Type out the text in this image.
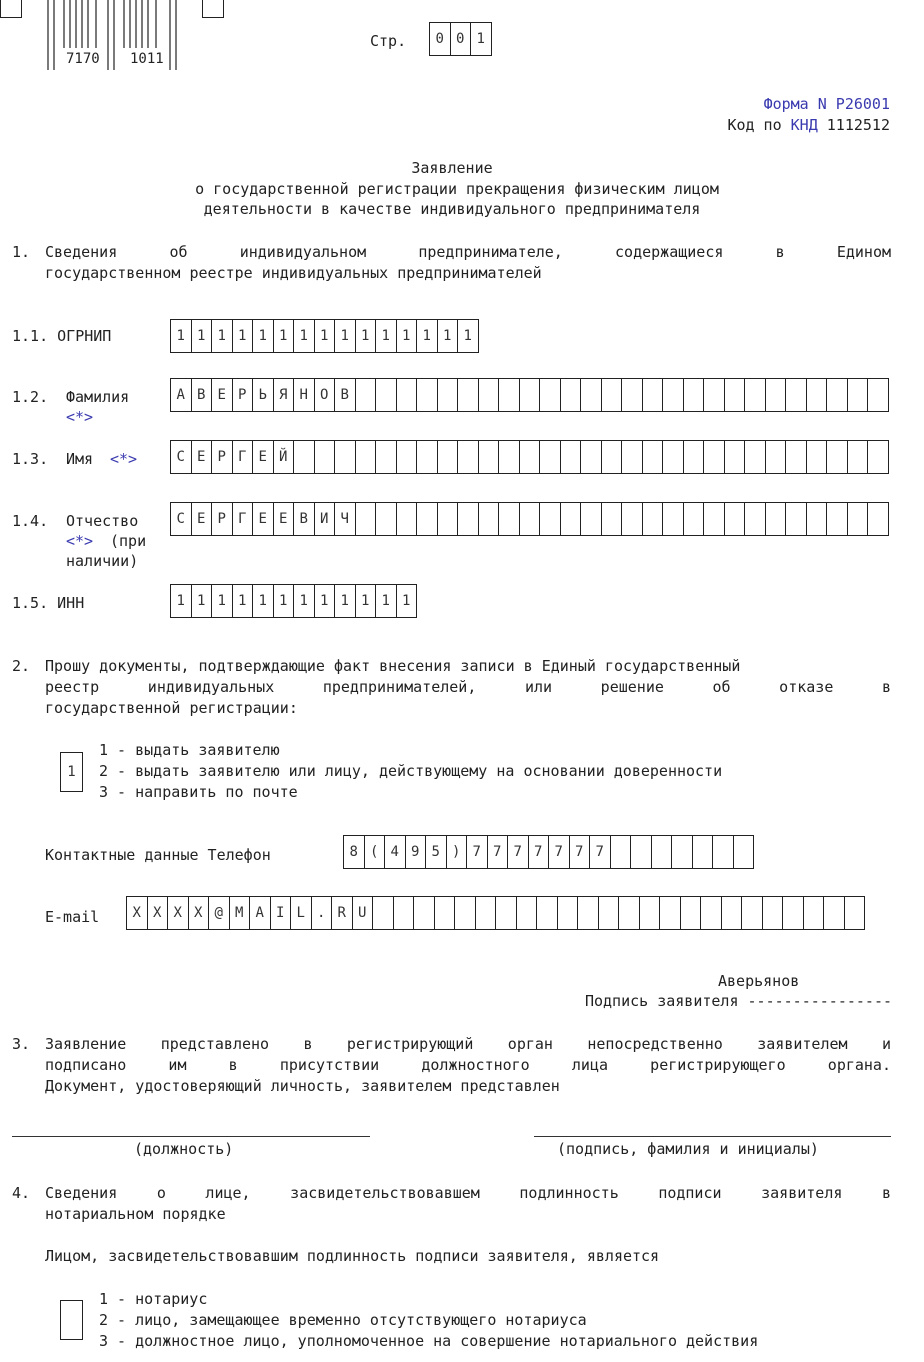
7170 1011
Стр.	0 0 1
Форма N Р26001
Код по КНД 1112512
Заявление
о государственной регистрации прекращения физическим лицом
деятельности в качестве индивидуального предпринимателя
1. Сведения об индивидуальном предпринимателе, содержащиеся в Едином
государственном реестре индивидуальных предпринимателей
1.1. ОГРНИП	1 1 1 1 1 1 1 1 1 1 1 1 1 1 1
1.2. Фамилия
<*>
А В Е Р Ь Я Н О В
1.3. Имя <*>	С Е Р Г Е Й
1.4. Отчество
<*> (при
наличии)
С Е Р Г Е Е В И Ч
1.5. ИНН	1 1 1 1 1 1 1 1 1 1 1 1
2. Прошу документы, подтверждающие факт внесения записи в Единый государственный
реестр индивидуальных предпринимателей, или решение об отказе в
государственной регистрации:
1
1 - выдать заявителю
2 - выдать заявителю или лицу, действующему на основании доверенности
3 - направить по почте
Контактные данные Телефон	8 ( 4 9 5 ) 7 7 7 7 7 7 7
E-mail	X X X X @ M A I L . R U
Аверьянов
Подпись заявителя ----------------
3. Заявление представлено в регистрирующий орган непосредственно заявителем и
подписано им в присутствии должностного лица регистрирующего органа.
Документ, удостоверяющий личность, заявителем представлен
(должность)	(подпись, фамилия и инициалы)
4. Сведения о лице, засвидетельствовавшем подлинность подписи заявителя в
нотариальном порядке
Лицом, засвидетельствовавшим подлинность подписи заявителя, является
1 - нотариус
2 - лицо, замещающее временно отсутствующего нотариуса
3 - должностное лицо, уполномоченное на совершение нотариального действия
